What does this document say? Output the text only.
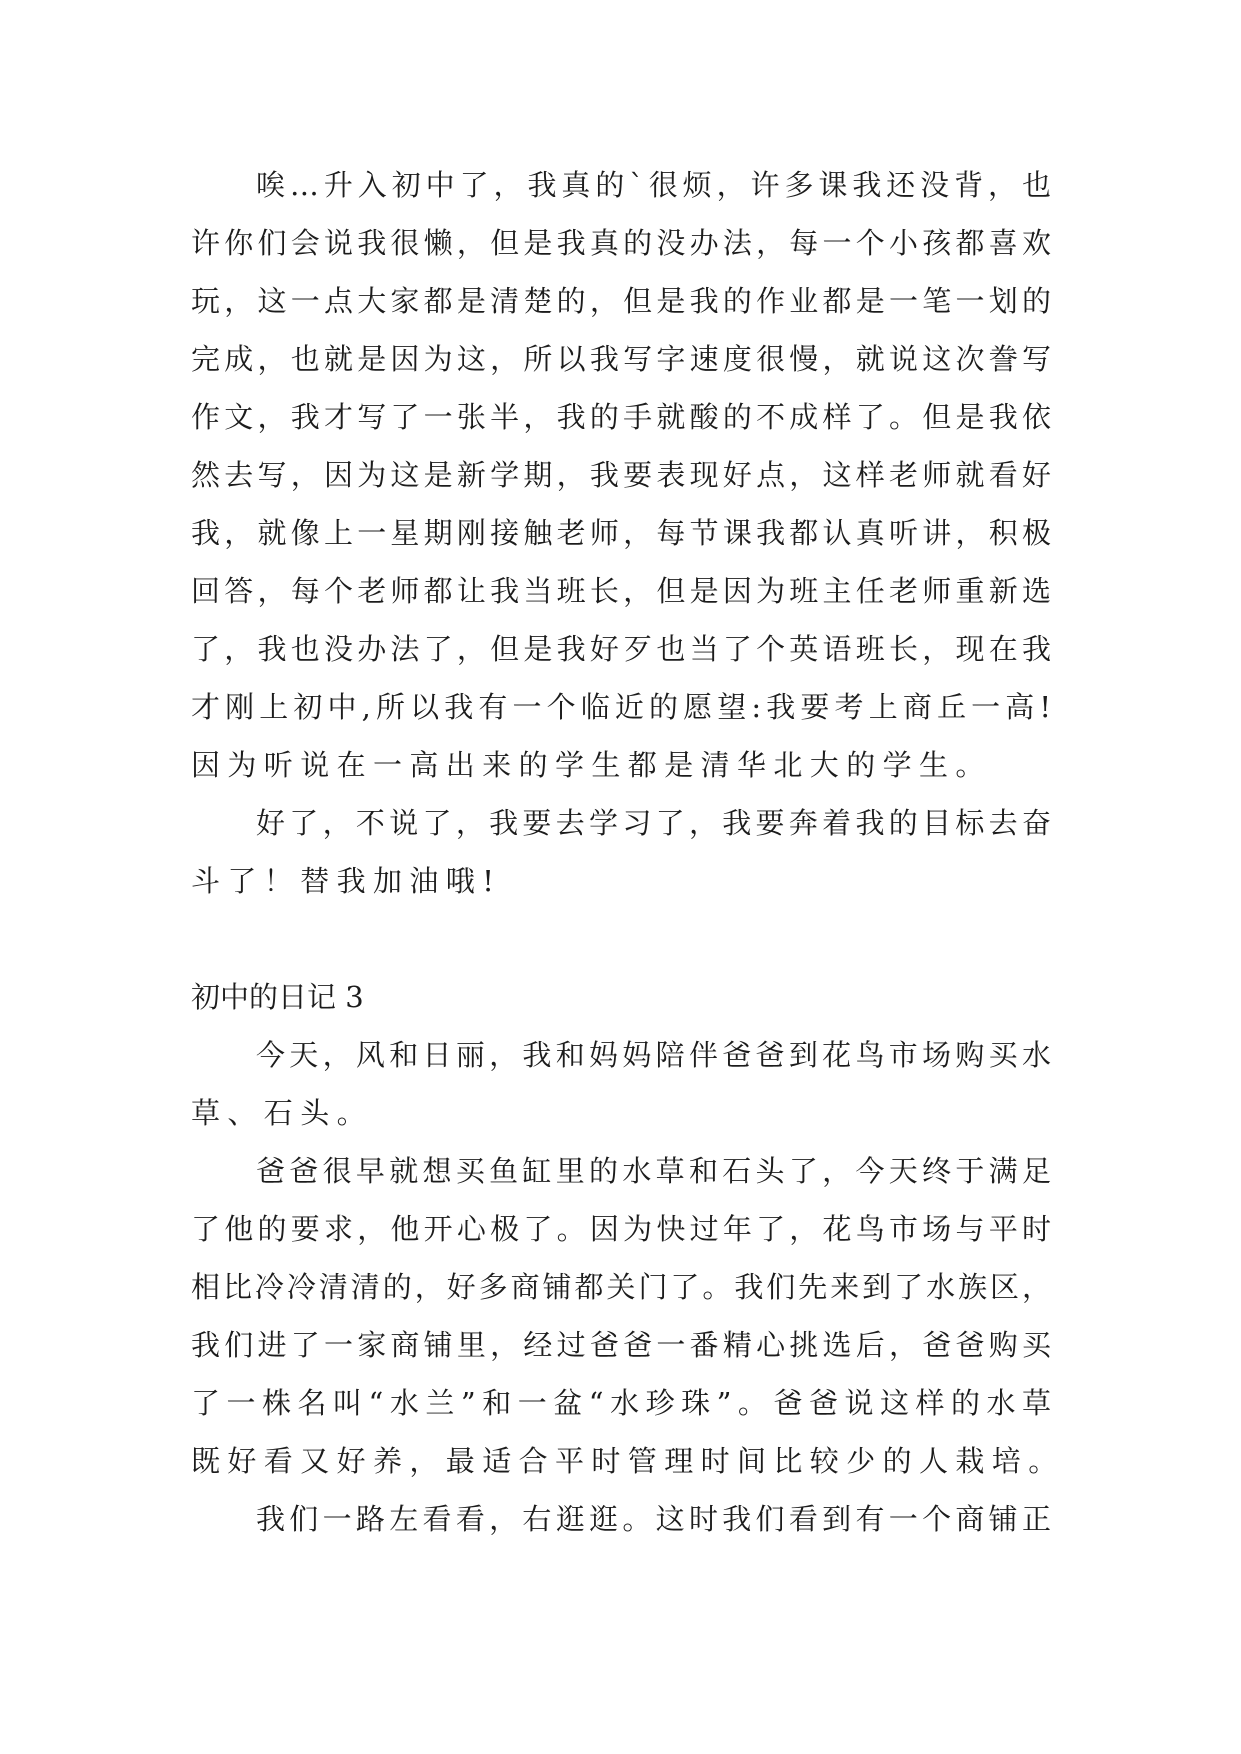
唉…升入初中了，我真的`很烦，许多课我还没背，也
许你们会说我很懒，但是我真的没办法，每一个小孩都喜欢
玩，这一点大家都是清楚的，但是我的作业都是一笔一划的
完成，也就是因为这，所以我写字速度很慢，就说这次誊写
作文，我才写了一张半，我的手就酸的不成样了。但是我依
然去写，因为这是新学期，我要表现好点，这样老师就看好
我，就像上一星期刚接触老师，每节课我都认真听讲，积极
回答，每个老师都让我当班长，但是因为班主任老师重新选
了，我也没办法了，但是我好歹也当了个英语班长，现在我
才刚上初中,所以我有一个临近的愿望:我要考上商丘一高!
因为听说在一高出来的学生都是清华北大的学生。
好了，不说了，我要去学习了，我要奔着我的目标去奋
斗了！替我加油哦!
初中的日记 3
今天，风和日丽，我和妈妈陪伴爸爸到花鸟市场购买水
草、石头。
爸爸很早就想买鱼缸里的水草和石头了，今天终于满足
了他的要求，他开心极了。因为快过年了，花鸟市场与平时
相比冷冷清清的，好多商铺都关门了。我们先来到了水族区，
我们进了一家商铺里，经过爸爸一番精心挑选后，爸爸购买
了一株名叫“水兰”和一盆“水珍珠”。爸爸说这样的水草
既好看又好养，最适合平时管理时间比较少的人栽培。
我们一路左看看，右逛逛。这时我们看到有一个商铺正
